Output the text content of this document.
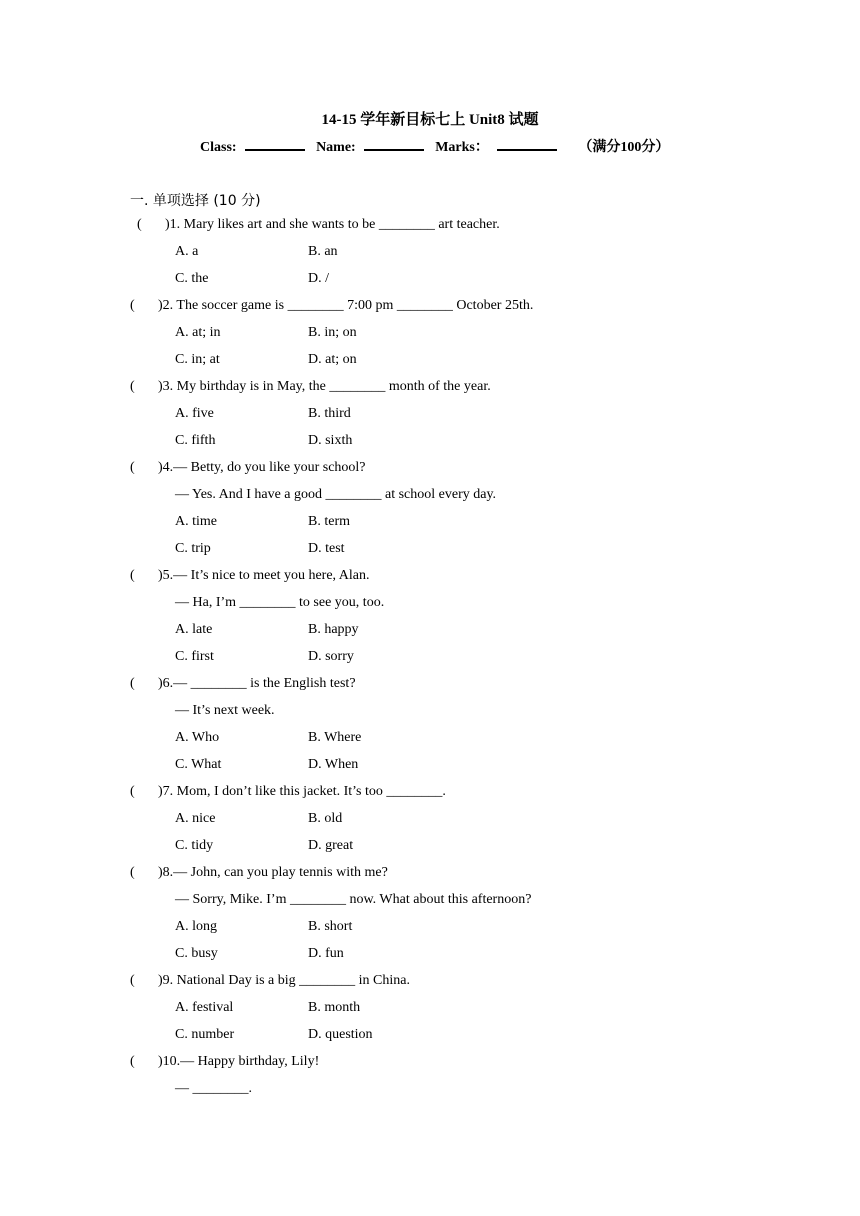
14-15 学年新目标七上 Unit8 试题
Class:	Name:	Marks：	（满分100分）
一. 单项选择 (10 分)
( )1. Mary likes art and she wants to be ________ art teacher.
A. a	B. an
C. the	D. /
( )2. The soccer game is ________ 7:00 pm ________ October 25th.
A. at; in	B. in; on
C. in; at	D. at; on
( )3. My birthday is in May, the ________ month of the year.
A. five	B. third
C. fifth	D. sixth
( )4.— Betty, do you like your school?
— Yes. And I have a good ________ at school every day.
A. time	B. term
C. trip	D. test
( )5.— It’s nice to meet you here, Alan.
— Ha, I’m ________ to see you, too.
A. late	B. happy
C. first	D. sorry
( )6.— ________ is the English test?
— It’s next week.
A. Who	B. Where
C. What	D. When
( )7. Mom, I don’t like this jacket. It’s too ________.
A. nice	B. old
C. tidy	D. great
( )8.— John, can you play tennis with me?
— Sorry, Mike. I’m ________ now. What about this afternoon?
A. long	B. short
C. busy	D. fun
( )9. National Day is a big ________ in China.
A. festival	B. month
C. number	D. question
( )10.— Happy birthday, Lily!
— ________.
